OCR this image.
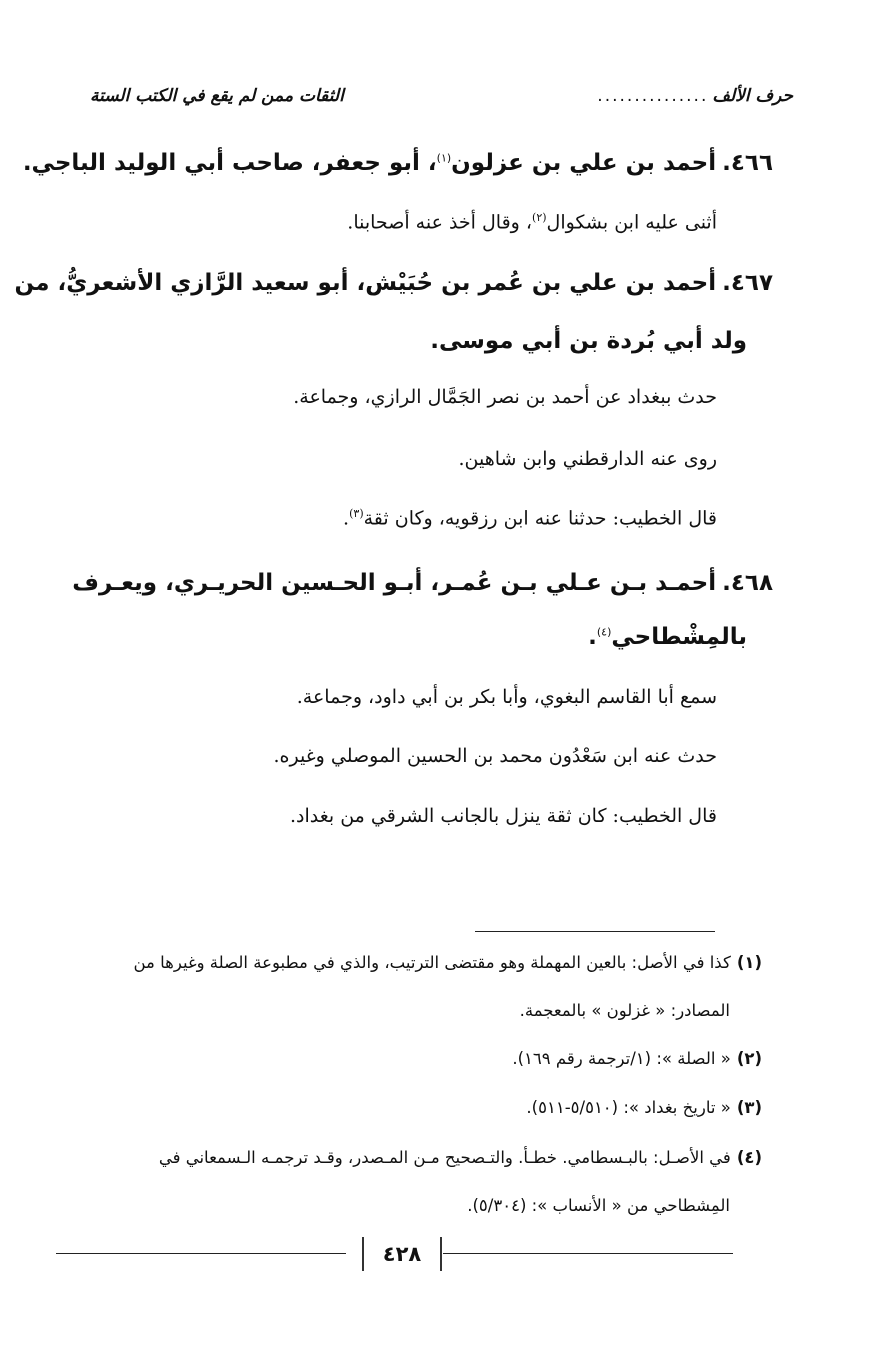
حرف الألف
...............
الثقات ممن لم يقع في الكتب الستة
٤٦٦.أحمد بن علي بن عزلون$^{(١)}$، أبو جعفر، صاحب أبي الوليد الباجي.
أثنى عليه ابن بشكوال$^{(٢)}$، وقال أخذ عنه أصحابنا.
٤٦٧.أحمد بن علي بن عُمر بن حُبَيْش، أبو سعيد الرَّازي الأشعريُّ، من
ولد أبي بُردة بن أبي موسى.
حدث ببغداد عن أحمد بن نصر الجَمَّال الرازي، وجماعة.
روى عنه الدارقطني وابن شاهين.
قال الخطيب: حدثنا عنه ابن رزقويه، وكان ثقة$^{(٣)}$.
٤٦٨.أحمـد بـن عـلي بـن عُمـر، أبـو الحـسين الحريـري، ويعـرف
بالمِشْطاحي$^{(٤)}$.
سمع أبا القاسم البغوي، وأبا بكر بن أبي داود، وجماعة.
حدث عنه ابن سَعْدُون محمد بن الحسين الموصلي وغيره.
قال الخطيب: كان ثقة ينزل بالجانب الشرقي من بغداد.
(١)كذا في الأصل: بالعين المهملة وهو مقتضى الترتيب، والذي في مطبوعة الصلة وغيرها من
المصادر: « غزلون » بالمعجمة.
(٢)« الصلة »: (١/ترجمة رقم ١٦٩).
(٣)« تاريخ بغداد »: (٥/٥١٠-٥١١).
(٤)في الأصـل: بالبـسطامي. خطـأ. والتـصحيح مـن المـصدر، وقـد ترجمـه الـسمعاني في
المِشطاحي من « الأنساب »: (٥/٣٠٤).
٤٢٨
